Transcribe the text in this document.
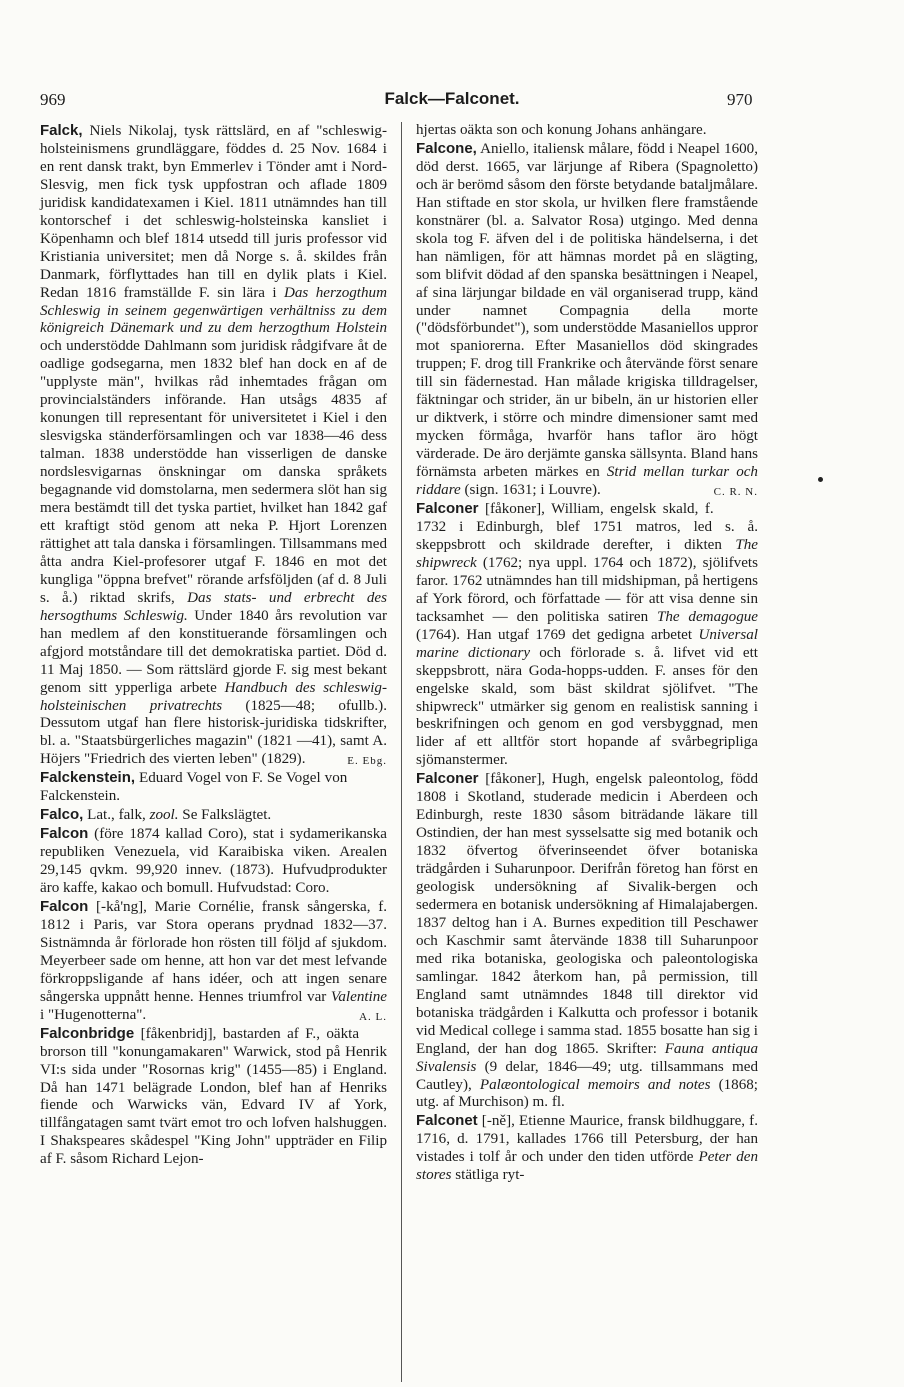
969	Falck—Falconet.	970

Falck, Niels Nikolaj, tysk rättslärd, en af "schleswig-holsteinismens grundläggare, föddes d. 25 Nov. 1684 i en rent dansk trakt, byn Emmerlev i Tönder amt i Nord-Slesvig, men fick tysk uppfostran och aflade 1809 juridisk kandidatexamen i Kiel. 1811 utnämndes han till kontorschef i det schleswig-holsteinska kansliet i Köpenhamn och blef 1814 utsedd till juris professor vid Kristiania universitet; men då Norge s. å. skildes från Danmark, förflyttades han till en dylik plats i Kiel. Redan 1816 framställde F. sin lära i Das herzogthum Schleswig in seinem gegenwärtigen verhältniss zu dem königreich Dänemark und zu dem herzogthum Holstein och understödde Dahlmann som juridisk rådgifvare åt de oadlige godsegarna, men 1832 blef han dock en af de "upplyste män", hvilkas råd inhemtades frågan om provincialständers införande. Han utsågs 4835 af konungen till representant för universitetet i Kiel i den slesvigska ständerförsamlingen och var 1838—46 dess talman. 1838 understödde han visserligen de danske nordslesvigarnas önskningar om danska språkets begagnande vid domstolarna, men sedermera slöt han sig mera bestämdt till det tyska partiet, hvilket han 1842 gaf ett kraftigt stöd genom att neka P. Hjort Lorenzen rättighet att tala danska i församlingen. Tillsammans med åtta andra Kiel-profesorer utgaf F. 1846 en mot det kungliga "öppna brefvet" rörande arfsföljden (af d. 8 Juli s. å.) riktad skrifs, Das stats- und erbrecht des hersogthums Schleswig. Under 1840 års revolution var han medlem af den konstituerande församlingen och afgjord motståndare till det demokratiska partiet. Död d. 11 Maj 1850. — Som rättslärd gjorde F. sig mest bekant genom sitt ypperliga arbete Handbuch des schleswig-holsteinischen privatrechts (1825—48; ofullb.). Dessutom utgaf han flere historisk-juridiska tidskrifter, bl. a. "Staatsbürgerliches magazin" (1821 —41), samt A. Höjers "Friedrich des vierten leben" (1829).	E. Ebg.

Falckenstein, Eduard Vogel von F. Se Vogel von Falckenstein.

Falco, Lat., falk, zool. Se Falkslägtet.

Falcon (före 1874 kallad Coro), stat i sydamerikanska republiken Venezuela, vid Karaibiska viken. Arealen 29,145 qvkm. 99,920 innev. (1873). Hufvudprodukter äro kaffe, kakao och bomull. Hufvudstad: Coro.

Falcon [-kå'ng], Marie Cornélie, fransk sångerska, f. 1812 i Paris, var Stora operans prydnad 1832—37. Sistnämnda år förlorade hon rösten till följd af sjukdom. Meyerbeer sade om henne, att hon var det mest lefvande förkroppsligande af hans idéer, och att ingen senare sångerska uppnått henne. Hennes triumfrol var Valentine i "Hugenotterna".	A. L.

Falconbridge [fåkenbridj], bastarden af F., oäkta brorson till "konungamakaren" Warwick, stod på Henrik VI:s sida under "Rosornas krig" (1455—85) i England. Då han 1471 belägrade London, blef han af Henriks fiende och Warwicks vän, Edvard IV af York, tillfångatagen samt tvärt emot tro och lofven halshuggen. I Shakspeares skådespel "King John" uppträder en Filip af F. såsom Richard Lejon-

hjertas oäkta son och konung Johans anhängare.

Falcone, Aniello, italiensk målare, född i Neapel 1600, död derst. 1665, var lärjunge af Ribera (Spagnoletto) och är berömd såsom den förste betydande bataljmålare. Han stiftade en stor skola, ur hvilken flere framstående konstnärer (bl. a. Salvator Rosa) utgingo. Med denna skola tog F. äfven del i de politiska händelserna, i det han nämligen, för att hämnas mordet på en slägting, som blifvit dödad af den spanska besättningen i Neapel, af sina lärjungar bildade en väl organiserad trupp, känd under namnet Compagnia della morte ("dödsförbundet"), som understödde Masaniellos uppror mot spaniorerna. Efter Masaniellos död skingrades truppen; F. drog till Frankrike och återvände först senare till sin fädernestad. Han målade krigiska tilldragelser, fäktningar och strider, än ur bibeln, än ur historien eller ur diktverk, i större och mindre dimensioner samt med mycken förmåga, hvarför hans taflor äro högt värderade. De äro derjämte ganska sällsynta. Bland hans förnämsta arbeten märkes en Strid mellan turkar och riddare (sign. 1631; i Louvre).	C. R. N.

Falconer [fåkoner], William, engelsk skald, f. 1732 i Edinburgh, blef 1751 matros, led s. å. skeppsbrott och skildrade derefter, i dikten The shipwreck (1762; nya uppl. 1764 och 1872), sjölifvets faror. 1762 utnämndes han till midshipman, på hertigens af York förord, och författade — för att visa denne sin tacksamhet — den politiska satiren The demagogue (1764). Han utgaf 1769 det gedigna arbetet Universal marine dictionary och förlorade s. å. lifvet vid ett skeppsbrott, nära Goda-hopps-udden. F. anses för den engelske skald, som bäst skildrat sjölifvet. "The shipwreck" utmärker sig genom en realistisk sanning i beskrifningen och genom en god versbyggnad, men lider af ett alltför stort hopande af svårbegripliga sjömanstermer.

Falconer [fåkoner], Hugh, engelsk paleontolog, född 1808 i Skotland, studerade medicin i Aberdeen och Edinburgh, reste 1830 såsom biträdande läkare till Ostindien, der han mest sysselsatte sig med botanik och 1832 öfvertog öfverinseendet öfver botaniska trädgården i Suharunpoor. Derifrån företog han först en geologisk undersökning af Sivalik-bergen och sedermera en botanisk undersökning af Himalajabergen. 1837 deltog han i A. Burnes expedition till Peschawer och Kaschmir samt återvände 1838 till Suharunpoor med rika botaniska, geologiska och paleontologiska samlingar. 1842 återkom han, på permission, till England samt utnämndes 1848 till direktor vid botaniska trädgården i Kalkutta och professor i botanik vid Medical college i samma stad. 1855 bosatte han sig i England, der han dog 1865. Skrifter: Fauna antiqua Sivalensis (9 delar, 1846—49; utg. tillsammans med Cautley), Palæontological memoirs and notes (1868; utg. af Murchison) m. fl.

Falconet [-ně], Etienne Maurice, fransk bildhuggare, f. 1716, d. 1791, kallades 1766 till Petersburg, der han vistades i tolf år och under den tiden utförde Peter den stores stätliga ryt-
